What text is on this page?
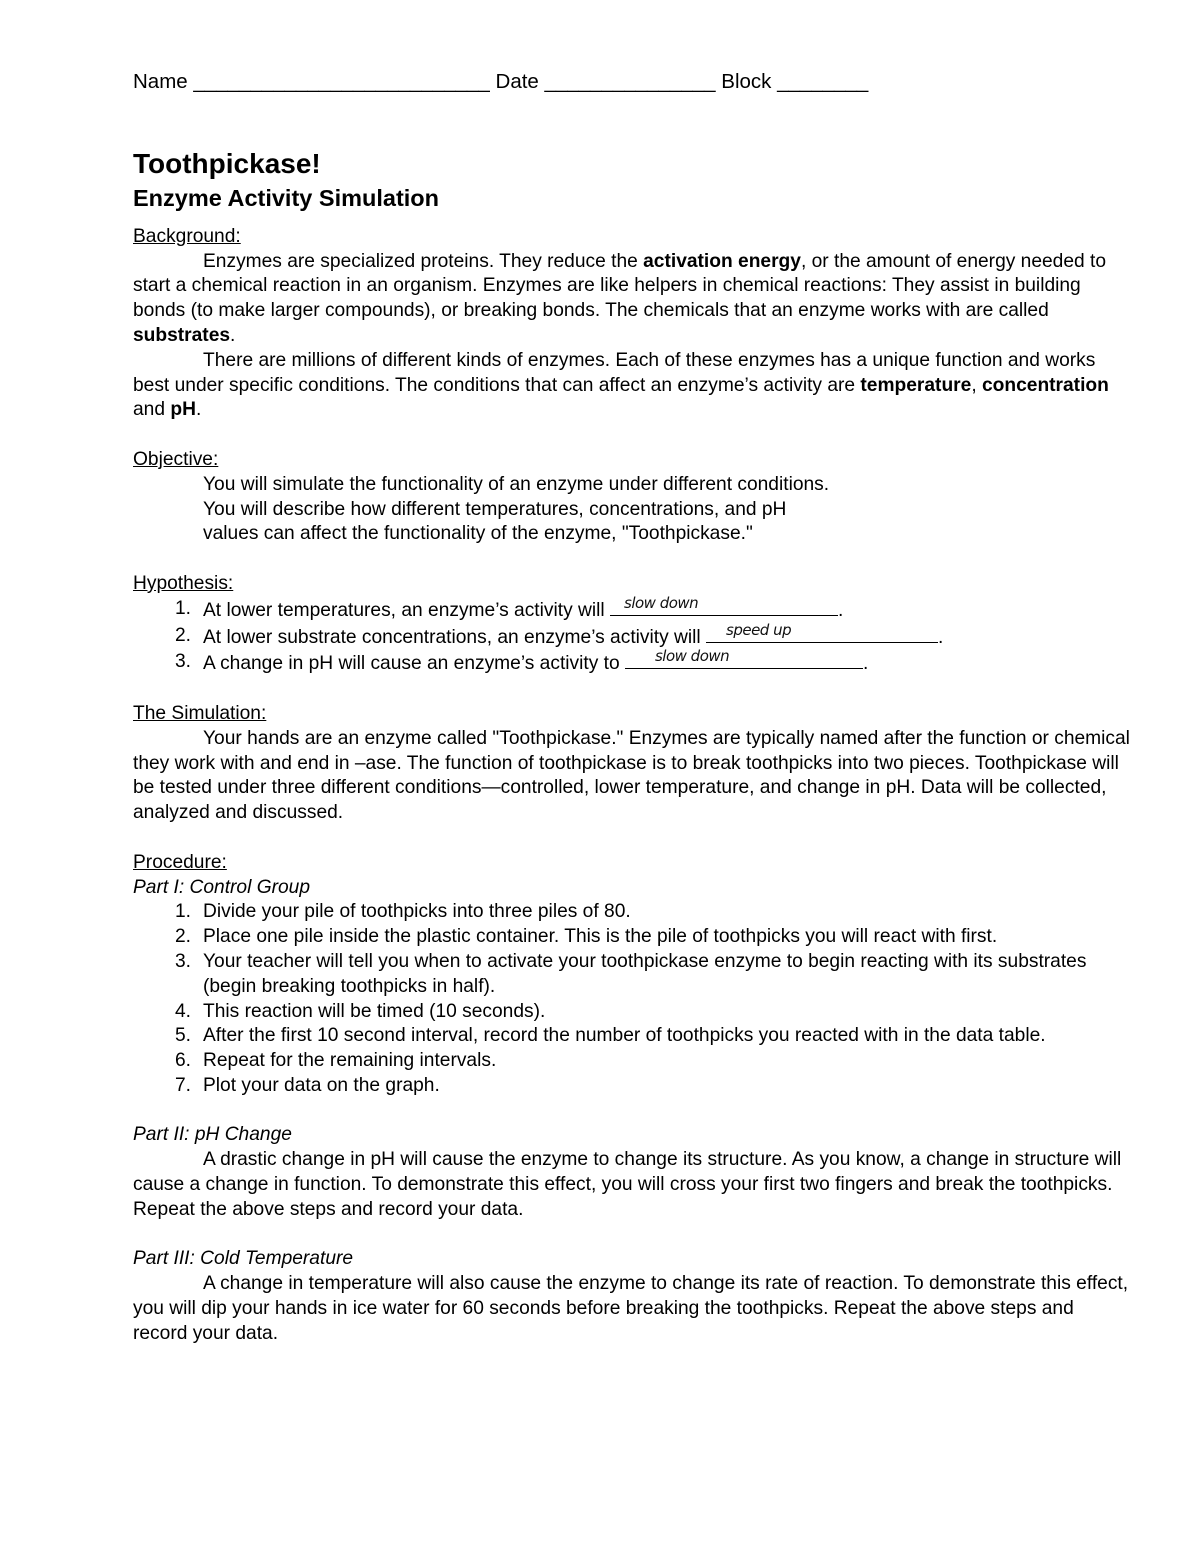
Name __________________________ Date _______________ Block ________

Toothpickase!
Enzyme Activity Simulation

Background:

Enzymes are specialized proteins. They reduce the activation energy, or the amount of energy needed to start a chemical reaction in an organism. Enzymes are like helpers in chemical reactions: They assist in building bonds (to make larger compounds), or breaking bonds. The chemicals that an enzyme works with are called substrates.

There are millions of different kinds of enzymes. Each of these enzymes has a unique function and works best under specific conditions. The conditions that can affect an enzyme’s activity are temperature, concentration and pH.

Objective:

You will simulate the functionality of an enzyme under different conditions.

You will describe how different temperatures, concentrations, and pH

values can affect the functionality of the enzyme, "Toothpickase."

Hypothesis:

1. At lower temperatures, an enzyme’s activity will slow down	.
2. At lower substrate concentrations, an enzyme’s activity will speed up	.
3. A change in pH will cause an enzyme’s activity to slow down	.

The Simulation:

Your hands are an enzyme called "Toothpickase." Enzymes are typically named after the function or chemical they work with and end in –ase. The function of toothpickase is to break toothpicks into two pieces. Toothpickase will be tested under three different conditions—controlled, lower temperature, and change in pH. Data will be collected, analyzed and discussed.

Procedure:

Part I: Control Group

1. Divide your pile of toothpicks into three piles of 80.
2. Place one pile inside the plastic container. This is the pile of toothpicks you will react with first.
3. Your teacher will tell you when to activate your toothpickase enzyme to begin reacting with its substrates (begin breaking toothpicks in half).
4. This reaction will be timed (10 seconds).
5. After the first 10 second interval, record the number of toothpicks you reacted with in the data table.
6. Repeat for the remaining intervals.
7. Plot your data on the graph.

Part II: pH Change

A drastic change in pH will cause the enzyme to change its structure. As you know, a change in structure will cause a change in function. To demonstrate this effect, you will cross your first two fingers and break the toothpicks. Repeat the above steps and record your data.

Part III: Cold Temperature

A change in temperature will also cause the enzyme to change its rate of reaction. To demonstrate this effect, you will dip your hands in ice water for 60 seconds before breaking the toothpicks. Repeat the above steps and record your data.
